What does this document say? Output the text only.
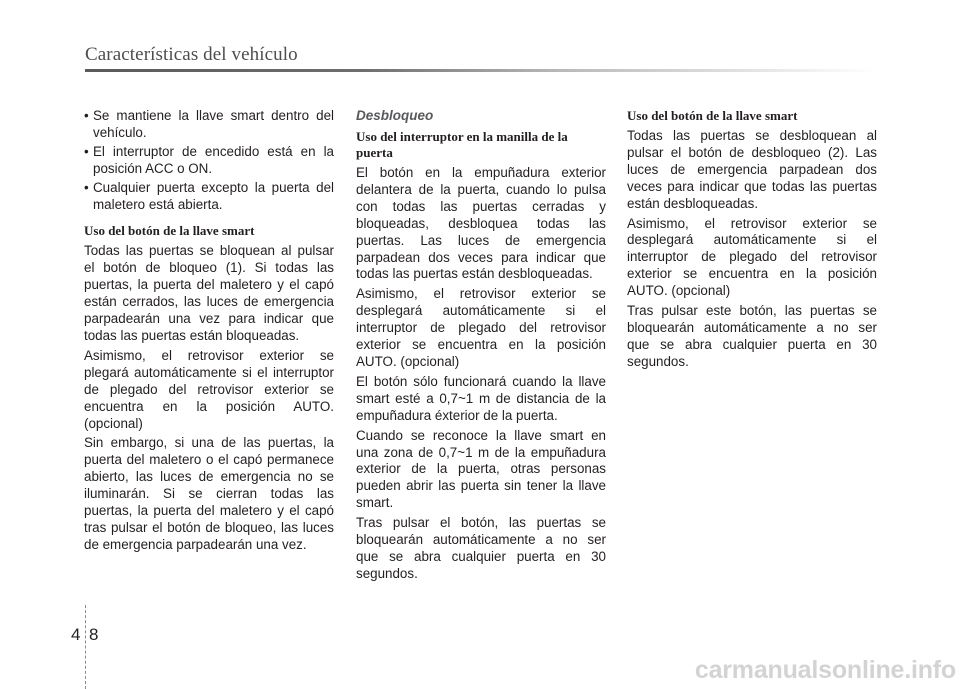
Características del vehículo
• Se mantiene la llave smart dentro del vehículo.
• El interruptor de encedido está en la posición ACC o ON.
• Cualquier puerta excepto la puerta del maletero está abierta.
Uso del botón de la llave smart

Todas las puertas se bloquean al pulsar el botón de bloqueo (1). Si todas las puertas, la puerta del maletero y el capó están cerrados, las luces de emergencia parpadearán una vez para indicar que todas las puertas están bloqueadas.

Asimismo, el retrovisor exterior se plegará automáticamente si el interruptor de plegado del retrovisor exterior se encuentra en la posición AUTO. (opcional)

Sin embargo, si una de las puertas, la puerta del maletero o el capó permanece abierto, las luces de emergencia no se iluminarán. Si se cierran todas las puertas, la puerta del maletero y el capó tras pulsar el botón de bloqueo, las luces de emergencia parpadearán una vez.

Desbloqueo
Uso del interruptor en la manilla de la puerta

El botón en la empuñadura exterior delantera de la puerta, cuando lo pulsa con todas las puertas cerradas y bloqueadas, desbloquea todas las puertas. Las luces de emergencia parpadean dos veces para indicar que todas las puertas están desbloqueadas.

Asimismo, el retrovisor exterior se desplegará automáticamente si el interruptor de plegado del retrovisor exterior se encuentra en la posición AUTO. (opcional)

El botón sólo funcionará cuando la llave smart esté a 0,7~1 m de distancia de la empuñadura éxterior de la puerta.

Cuando se reconoce la llave smart en una zona de 0,7~1 m de la empuñadura exterior de la puerta, otras personas pueden abrir las puerta sin tener la llave smart.

Tras pulsar el botón, las puertas se bloquearán automáticamente a no ser que se abra cualquier puerta en 30 segundos.

Uso del botón de la llave smart

Todas las puertas se desbloquean al pulsar el botón de desbloqueo (2). Las luces de emergencia parpadean dos veces para indicar que todas las puertas están desbloqueadas.

Asimismo, el retrovisor exterior se desplegará automáticamente si el interruptor de plegado del retrovisor exterior se encuentra en la posición AUTO. (opcional)

Tras pulsar este botón, las puertas se bloquearán automáticamente a no ser que se abra cualquier puerta en 30 segundos.

4 8
carmanualsonline.info
